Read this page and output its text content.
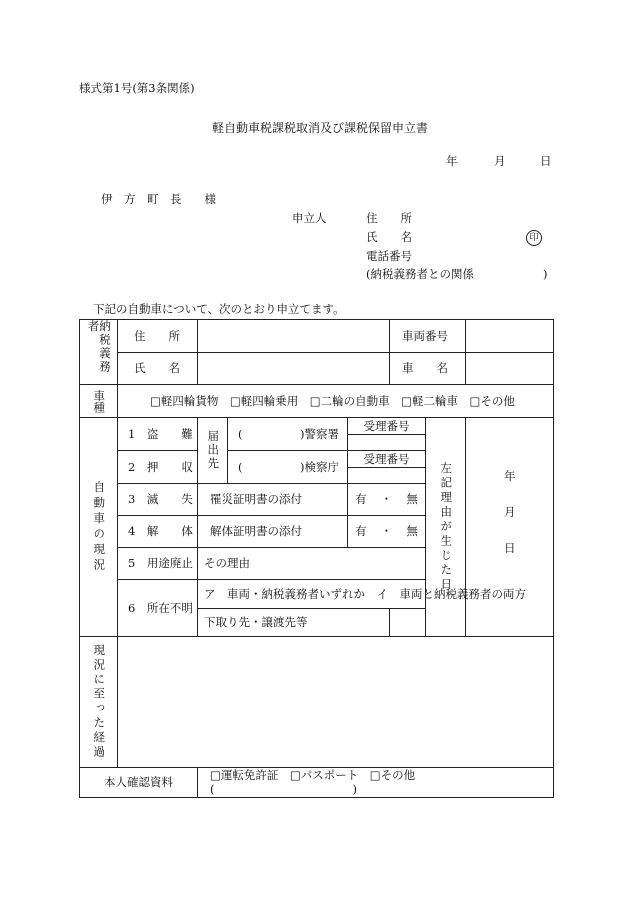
様式第1号(第3条関係)
軽自動車税課税取消及び課税保留申立書
年	月	日
伊　方　町　長　　様
申立人	住　　所
氏　　名	印
電話番号
(納税義務者との関係　　　　　　)
下記の自動車について、次のとおり申立てます。
納税義務者	住　　所				車両番号		

氏　　名				車　　名		

車種	□軽四輪貨物　□軽四輪乗用　□二輪の自動車　□軽二輪車　□その他						

自動車の現況	1　盗　　難	届出先	(　　　　　)警察署	受理番号		左記理由が生じた日	年
月
日

2　押　　収		(　　　　　)検察庁	受理番号			

3　滅　　失	罹災証明書の添付		有 ・ 無			

4　解　　体	解体証明書の添付		有 ・ 無			

5　用途廃止	その理由					

6　所在不明	ア　車両・納税義務者いずれか　イ　車両と納税義務者の両方					

下取り先・譲渡先等					

現況に至った経過							

本人確認資料		□運転免許証　□パスポート　□その他(　　　　　　　　　　　　)					
